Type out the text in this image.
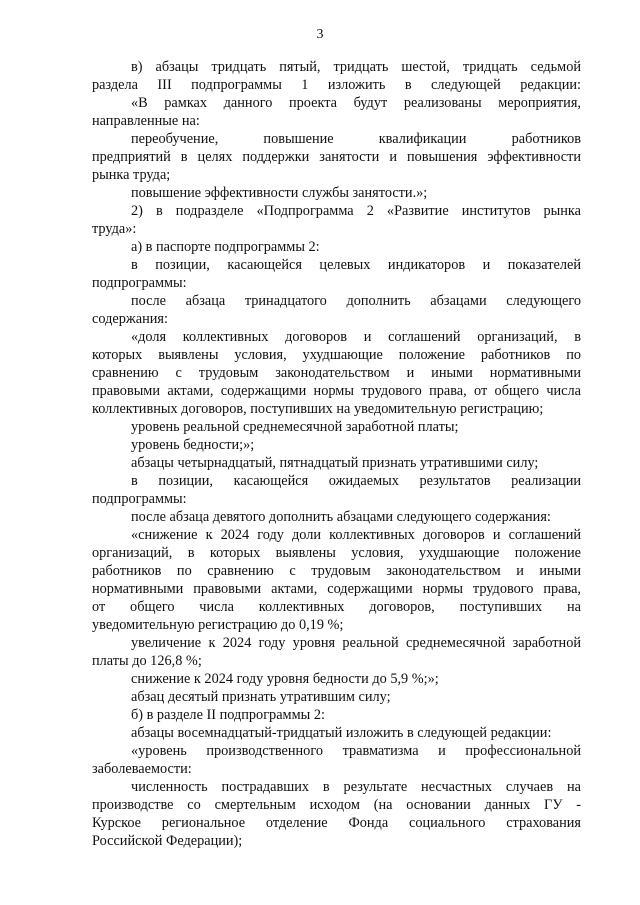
3
в) абзацы тридцать пятый, тридцать шестой, тридцать седьмой
раздела III подпрограммы 1 изложить в следующей редакции:
«В рамках данного проекта будут реализованы мероприятия,
направленные на:
переобучение, повышение квалификации работников
предприятий в целях поддержки занятости и повышения эффективности
рынка труда;
повышение эффективности службы занятости.»;
2) в подразделе «Подпрограмма 2 «Развитие институтов рынка
труда»:
а) в паспорте подпрограммы 2:
в позиции, касающейся целевых индикаторов и показателей
подпрограммы:
после абзаца тринадцатого дополнить абзацами следующего
содержания:
«доля коллективных договоров и соглашений организаций, в
которых выявлены условия, ухудшающие положение работников по
сравнению с трудовым законодательством и иными нормативными
правовыми актами, содержащими нормы трудового права, от общего числа
коллективных договоров, поступивших на уведомительную регистрацию;
уровень реальной среднемесячной заработной платы;
уровень бедности;»;
абзацы четырнадцатый, пятнадцатый признать утратившими силу;
в позиции, касающейся ожидаемых результатов реализации
подпрограммы:
после абзаца девятого дополнить абзацами следующего содержания:
«снижение к 2024 году доли коллективных договоров и соглашений
организаций, в которых выявлены условия, ухудшающие положение
работников по сравнению с трудовым законодательством и иными
нормативными правовыми актами, содержащими нормы трудового права,
от общего числа коллективных договоров, поступивших на
уведомительную регистрацию до 0,19 %;
увеличение к 2024 году уровня реальной среднемесячной заработной
платы до 126,8 %;
снижение к 2024 году уровня бедности до 5,9 %;»;
абзац десятый признать утратившим силу;
б) в разделе II подпрограммы 2:
абзацы восемнадцатый-тридцатый изложить в следующей редакции:
«уровень производственного травматизма и профессиональной
заболеваемости:
численность пострадавших в результате несчастных случаев на
производстве со смертельным исходом (на основании данных ГУ -
Курское региональное отделение Фонда социального страхования
Российской Федерации);
